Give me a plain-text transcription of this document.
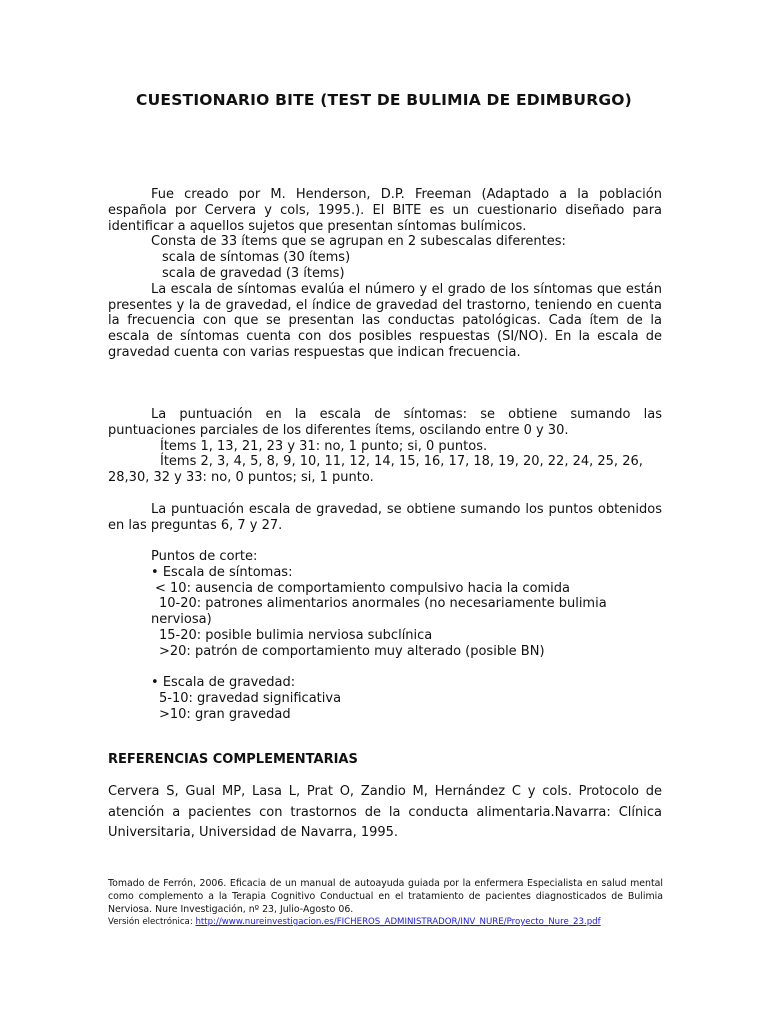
CUESTIONARIO BITE (TEST DE BULIMIA DE EDIMBURGO)

Fue creado por M. Henderson, D.P. Freeman (Adaptado a la población española por Cervera y cols, 1995.). El BITE es un cuestionario diseñado para identificar a aquellos sujetos que presentan síntomas bulímicos.

Consta de 33 ítems que se agrupan en 2 subescalas diferentes:

scala de síntomas (30 ítems)

scala de gravedad (3 ítems)

La escala de síntomas evalúa el número y el grado de los síntomas que están presentes y la de gravedad, el índice de gravedad del trastorno, teniendo en cuenta la frecuencia con que se presentan las conductas patológicas. Cada ítem de la escala de síntomas cuenta con dos posibles respuestas (SI/NO). En la escala de gravedad cuenta con varias respuestas que indican frecuencia.

La puntuación en la escala de síntomas: se obtiene sumando las puntuaciones parciales de los diferentes ítems, oscilando entre 0 y 30.

Ítems 1, 13, 21, 23 y 31: no, 1 punto; si, 0 puntos.

Ítems 2, 3, 4, 5, 8, 9, 10, 11, 12, 14, 15, 16, 17, 18, 19, 20, 22, 24, 25, 26,

28,30, 32 y 33: no, 0 puntos; si, 1 punto.

La puntuación escala de gravedad, se obtiene sumando los puntos obtenidos en las preguntas 6, 7 y 27.

Puntos de corte:

• Escala de síntomas:

< 10: ausencia de comportamiento compulsivo hacia la comida

10-20: patrones alimentarios anormales (no necesariamente bulimia

nerviosa)

15-20: posible bulimia nerviosa subclínica

>20: patrón de comportamiento muy alterado (posible BN)

• Escala de gravedad:

5-10: gravedad significativa

>10: gran gravedad

REFERENCIAS COMPLEMENTARIAS

Cervera S, Gual MP, Lasa L, Prat O, Zandio M, Hernández C y cols. Protocolo de atención a pacientes con trastornos de la conducta alimentaria.Navarra: Clínica Universitaria, Universidad de Navarra, 1995.

Tomado de Ferrón, 2006. Eficacia de un manual de autoayuda guiada por la enfermera Especialista en salud mental como complemento a la Terapia Cognitivo Conductual en el tratamiento de pacientes diagnosticados de Bulimia Nerviosa. Nure Investigación, nº 23, Julio-Agosto 06.
Versión electrónica: http://www.nureinvestigacion.es/FICHEROS_ADMINISTRADOR/INV_NURE/Proyecto_Nure_23.pdf
